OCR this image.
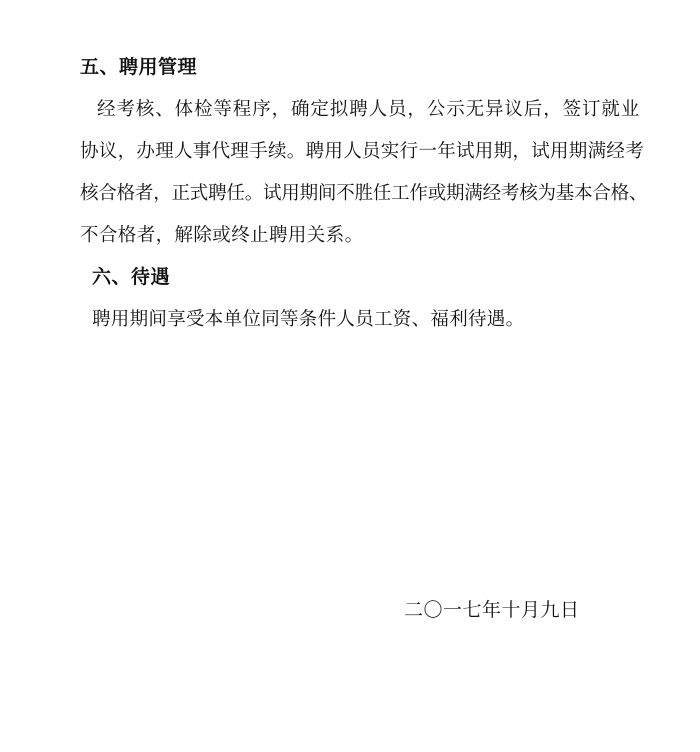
五、聘用管理
经考核、体检等程序，确定拟聘人员，公示无异议后，签订就业
协议，办理人事代理手续。聘用人员实行一年试用期，试用期满经考
核合格者，正式聘任。试用期间不胜任工作或期满经考核为基本合格、
不合格者，解除或终止聘用关系。
六、待遇
聘用期间享受本单位同等条件人员工资、福利待遇。
二〇一七年十月九日
